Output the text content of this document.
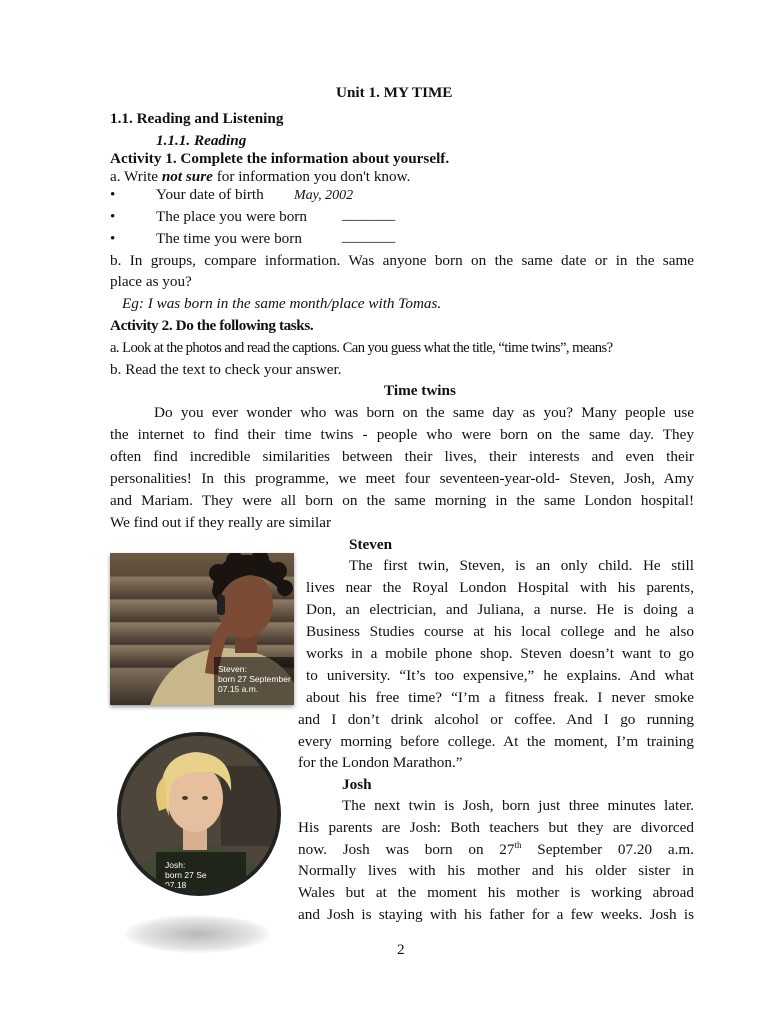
Unit 1. MY TIME
1.1. Reading and Listening
1.1.1. Reading
Activity 1. Complete the information about yourself.
a. Write not sure for information you don't know.
•	Your date of birth May, 2002
•	The place you were born _______
•	The time you were born	_______
b. In groups, compare information. Was anyone born on the same date or in the same
place as you?
Eg: I was born in the same month/place with Tomas.
Activity 2. Do the following tasks.
a. Look at the photos and read the captions. Can you guess what the title, “time twins”, means?
b. Read the text to check your answer.
Time twins
Do you ever wonder who was born on the same day as you? Many people use
the internet to find their time twins - people who were born on the same day. They
often find incredible similarities between their lives, their interests and even their
personalities! In this programme, we meet four seventeen-year-old- Steven, Josh, Amy
and Mariam. They were all born on the same morning in the same London hospital!
We find out if they really are similar
Steven:
born 27 September
07.15 a.m.
Josh:
born 27 Se
07.18
Steven
The first twin, Steven, is an only child. He still
lives near the Royal London Hospital with his parents,
Don, an electrician, and Juliana, a nurse. He is doing a
Business Studies course at his local college and he also
works in a mobile phone shop. Steven doesn’t want to go
to university. “It’s too expensive,” he explains. And what
about his free time? “I’m a fitness freak. I never smoke
and I don’t drink alcohol or coffee. And I go running
every morning before college. At the moment, I’m training
for the London Marathon.”
Josh
The next twin is Josh, born just three minutes later.
His parents are Josh: Both teachers but they are divorced
now. Josh was born on 27th September 07.20 a.m.
Normally lives with his mother and his older sister in
Wales but at the moment his mother is working abroad
and Josh is staying with his father for a few weeks. Josh is
2
